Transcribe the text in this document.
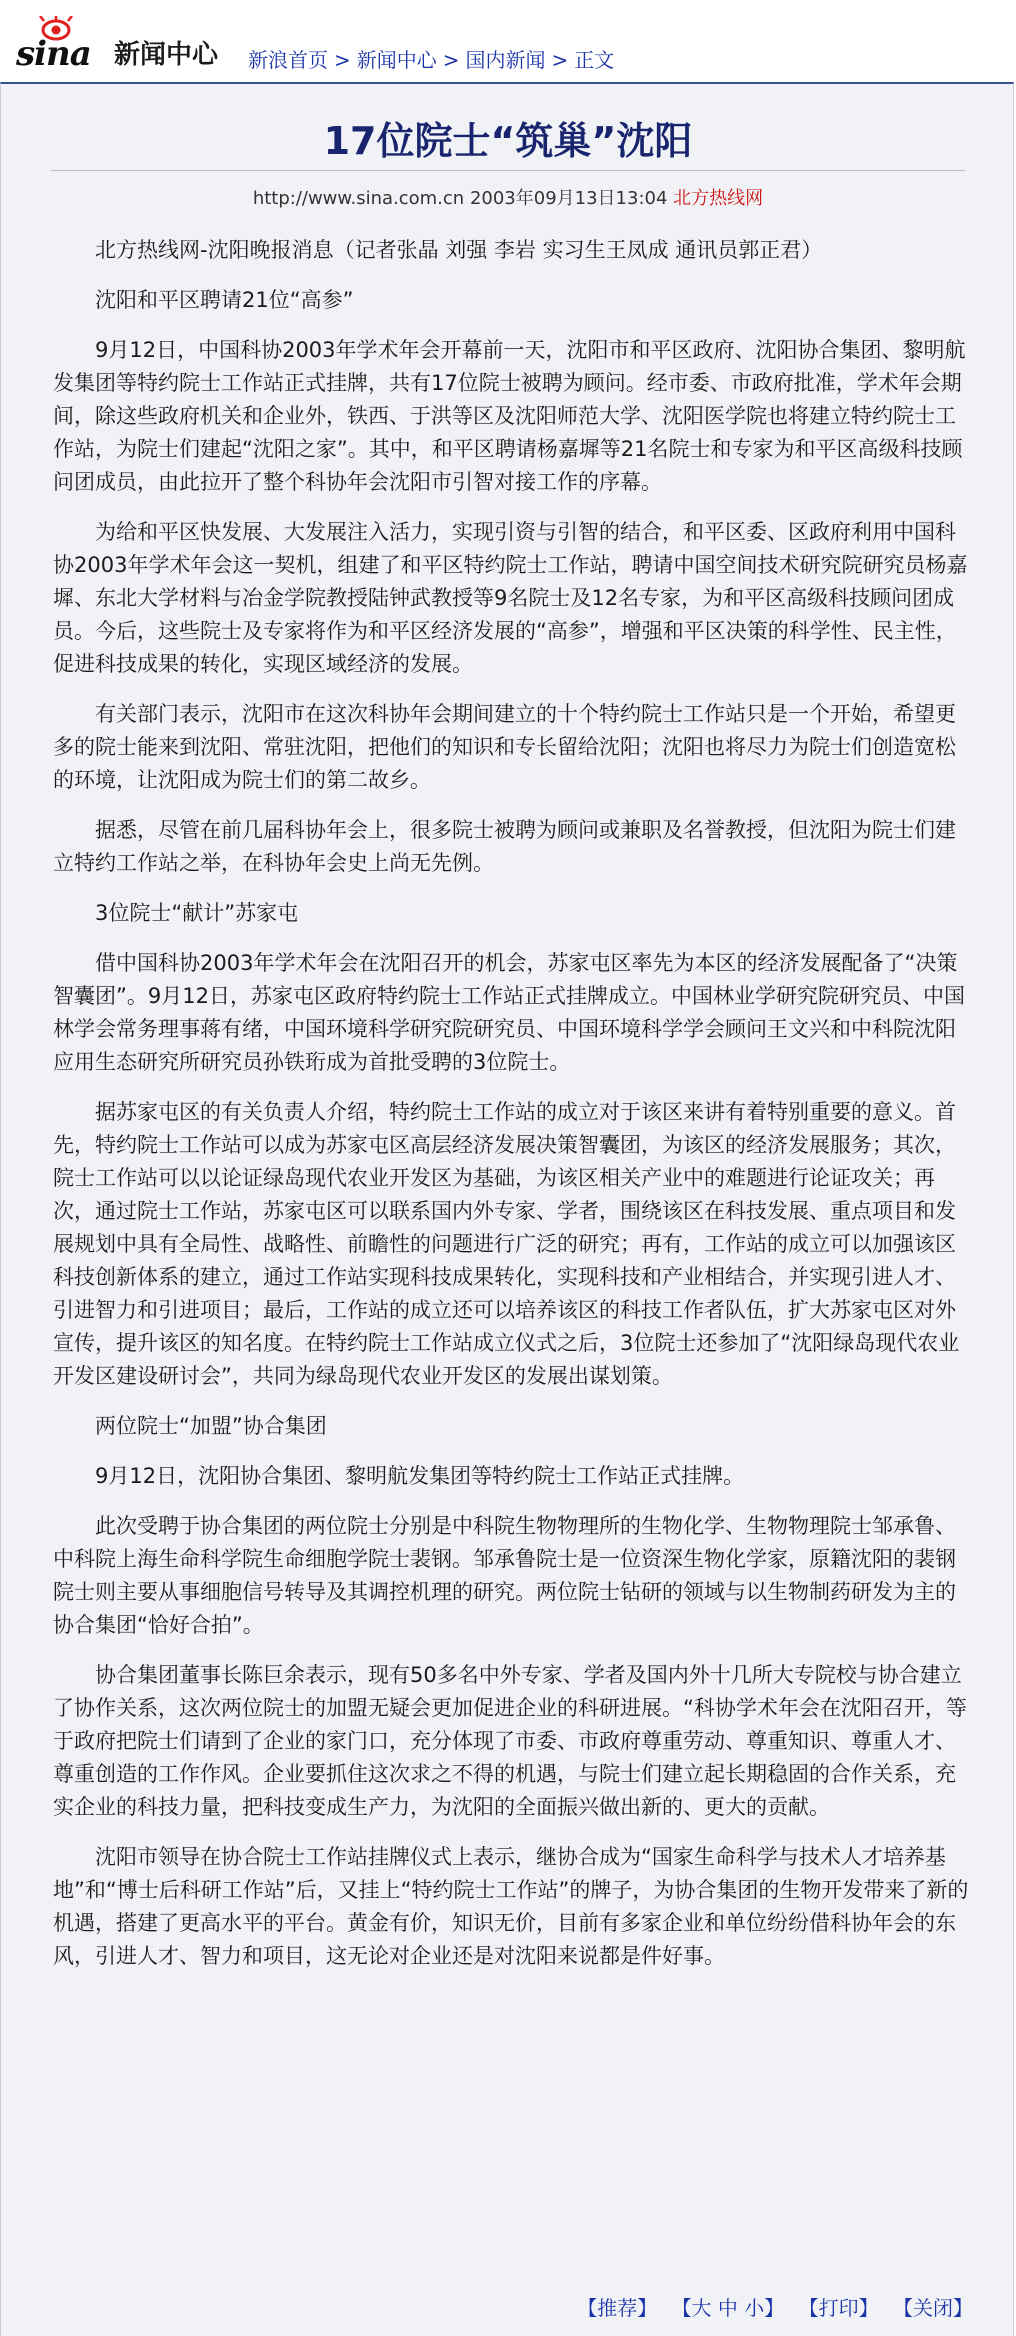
sina 新闻中心 新浪首页 > 新闻中心 > 国内新闻 > 正文
17位院士“筑巢”沈阳
http://www.sina.com.cn 2003年09月13日13:04 北方热线网

北方热线网-沈阳晚报消息（记者张晶 刘强 李岩 实习生王凤成 通讯员郭正君）

沈阳和平区聘请21位“高参”

9月12日，中国科协2003年学术年会开幕前一天，沈阳市和平区政府、沈阳协合集团、黎明航发集团等特约院士工作站正式挂牌，共有17位院士被聘为顾问。经市委、市政府批准，学术年会期间，除这些政府机关和企业外，铁西、于洪等区及沈阳师范大学、沈阳医学院也将建立特约院士工作站，为院士们建起“沈阳之家”。其中，和平区聘请杨嘉墀等21名院士和专家为和平区高级科技顾问团成员，由此拉开了整个科协年会沈阳市引智对接工作的序幕。

为给和平区快发展、大发展注入活力，实现引资与引智的结合，和平区委、区政府利用中国科协2003年学术年会这一契机，组建了和平区特约院士工作站，聘请中国空间技术研究院研究员杨嘉墀、东北大学材料与冶金学院教授陆钟武教授等9名院士及12名专家，为和平区高级科技顾问团成员。今后，这些院士及专家将作为和平区经济发展的“高参”，增强和平区决策的科学性、民主性，促进科技成果的转化，实现区域经济的发展。

有关部门表示，沈阳市在这次科协年会期间建立的十个特约院士工作站只是一个开始，希望更多的院士能来到沈阳、常驻沈阳，把他们的知识和专长留给沈阳；沈阳也将尽力为院士们创造宽松的环境，让沈阳成为院士们的第二故乡。

据悉，尽管在前几届科协年会上，很多院士被聘为顾问或兼职及名誉教授，但沈阳为院士们建立特约工作站之举，在科协年会史上尚无先例。

3位院士“献计”苏家屯

借中国科协2003年学术年会在沈阳召开的机会，苏家屯区率先为本区的经济发展配备了“决策智囊团”。9月12日，苏家屯区政府特约院士工作站正式挂牌成立。中国林业学研究院研究员、中国林学会常务理事蒋有绪，中国环境科学研究院研究员、中国环境科学学会顾问王文兴和中科院沈阳应用生态研究所研究员孙铁珩成为首批受聘的3位院士。

据苏家屯区的有关负责人介绍，特约院士工作站的成立对于该区来讲有着特别重要的意义。首先，特约院士工作站可以成为苏家屯区高层经济发展决策智囊团，为该区的经济发展服务；其次，院士工作站可以以论证绿岛现代农业开发区为基础，为该区相关产业中的难题进行论证攻关；再次，通过院士工作站，苏家屯区可以联系国内外专家、学者，围绕该区在科技发展、重点项目和发展规划中具有全局性、战略性、前瞻性的问题进行广泛的研究；再有，工作站的成立可以加强该区科技创新体系的建立，通过工作站实现科技成果转化，实现科技和产业相结合，并实现引进人才、引进智力和引进项目；最后，工作站的成立还可以培养该区的科技工作者队伍，扩大苏家屯区对外宣传，提升该区的知名度。在特约院士工作站成立仪式之后，3位院士还参加了“沈阳绿岛现代农业开发区建设研讨会”，共同为绿岛现代农业开发区的发展出谋划策。

两位院士“加盟”协合集团

9月12日，沈阳协合集团、黎明航发集团等特约院士工作站正式挂牌。

此次受聘于协合集团的两位院士分别是中科院生物物理所的生物化学、生物物理院士邹承鲁、中科院上海生命科学院生命细胞学院士裴钢。邹承鲁院士是一位资深生物化学家，原籍沈阳的裴钢院士则主要从事细胞信号转导及其调控机理的研究。两位院士钻研的领域与以生物制药研发为主的协合集团“恰好合拍”。

协合集团董事长陈巨余表示，现有50多名中外专家、学者及国内外十几所大专院校与协合建立了协作关系，这次两位院士的加盟无疑会更加促进企业的科研进展。“科协学术年会在沈阳召开，等于政府把院士们请到了企业的家门口，充分体现了市委、市政府尊重劳动、尊重知识、尊重人才、尊重创造的工作作风。企业要抓住这次求之不得的机遇，与院士们建立起长期稳固的合作关系，充实企业的科技力量，把科技变成生产力，为沈阳的全面振兴做出新的、更大的贡献。

沈阳市领导在协合院士工作站挂牌仪式上表示，继协合成为“国家生命科学与技术人才培养基地”和“博士后科研工作站”后，又挂上“特约院士工作站”的牌子，为协合集团的生物开发带来了新的机遇，搭建了更高水平的平台。黄金有价，知识无价，目前有多家企业和单位纷纷借科协年会的东风，引进人才、智力和项目，这无论对企业还是对沈阳来说都是件好事。

【推荐】 【大 中 小】 【打印】 【关闭】
